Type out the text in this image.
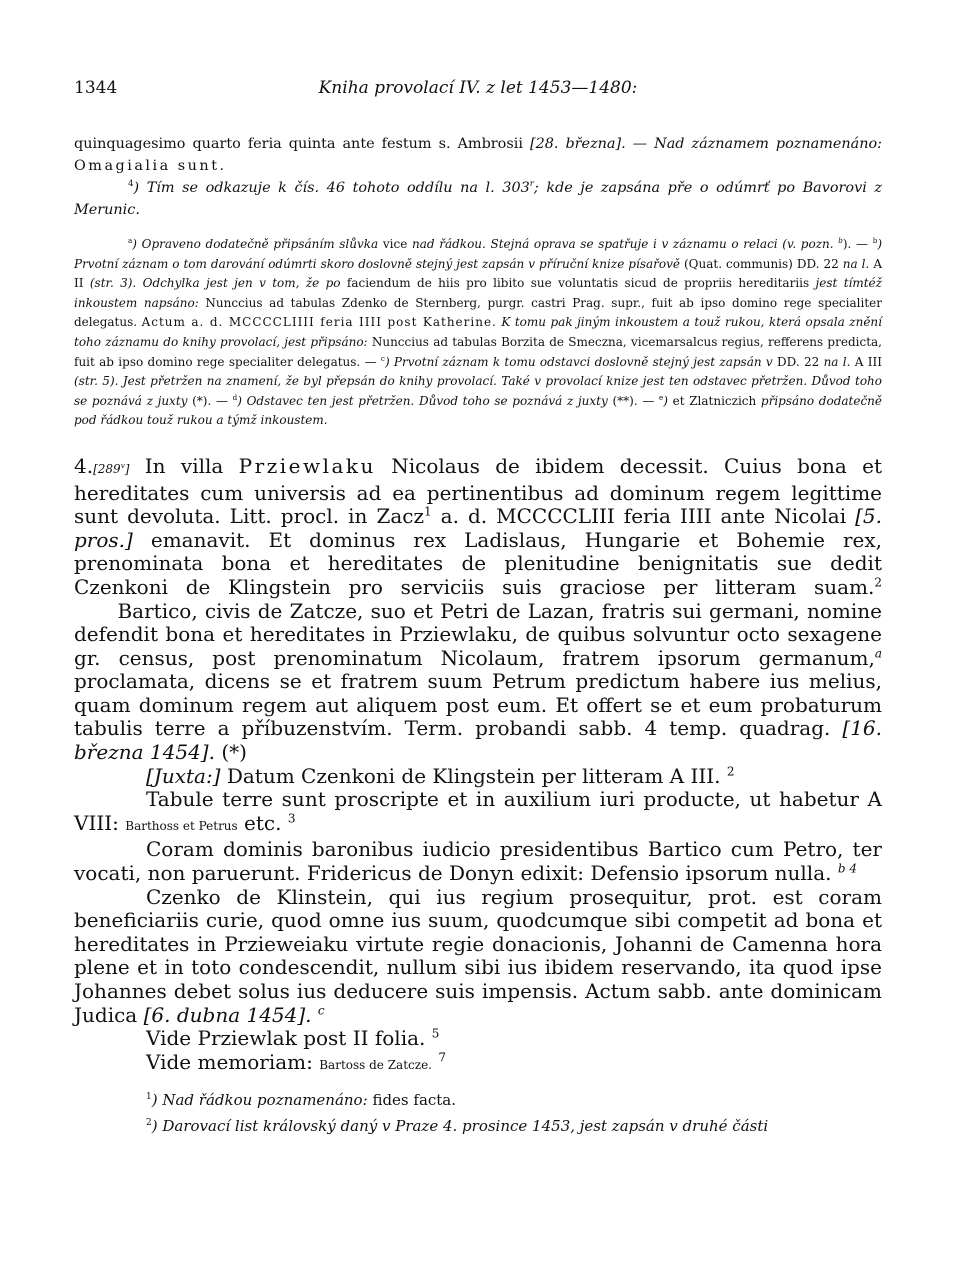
1344	Kniha provolací IV. z let 1453—1480:

quinquagesimo quarto feria quinta ante festum s. Ambrosii [28. března]. — Nad záznamem poznamenáno: Omagialia sunt.

$^4$) Tím se odkazuje k čís. 46 tohoto oddílu na l. 303$^r$; kde je zapsána pře o odúmrť po Bavorovi z Merunic.

$^a$) Opraveno dodatečně připsáním slůvka vice nad řádkou. Stejná oprava se spatřuje i v záznamu o relaci (v. pozn. $^b$). — $^b$) Prvotní záznam o tom darování odúmrti skoro doslovně stejný jest zapsán v příruční knize písařově (Quat. communis) DD. 22 na l. A II (str. 3). Odchylka jest jen v tom, že po faciendum de hiis pro libito sue voluntatis sicud de propriis hereditariis jest tímtéž inkoustem napsáno: Nunccius ad tabulas Zdenko de Sternberg, purgr. castri Prag. supr., fuit ab ipso domino rege specialiter delegatus. Actum a. d. MCCCCLIIII feria IIII post Katherine. K tomu pak jiným inkoustem a touž rukou, která opsala znění toho záznamu do knihy provolací, jest připsáno: Nunccius ad tabulas Borzita de Smeczna, vicemarsalcus regius, refferens predicta, fuit ab ipso domino rege specialiter delegatus. — $^c$) Prvotní záznam k tomu odstavci doslovně stejný jest zapsán v DD. 22 na l. A III (str. 5). Jest přetržen na znamení, že byl přepsán do knihy provolací. Také v provolací knize jest ten odstavec přetržen. Důvod toho se poznává z juxty (*). — $^d$) Odstavec ten jest přetržen. Důvod toho se poznává z juxty (**). — $^e$) et Zlatniczich připsáno dodatečně pod řádkou touž rukou a týmž inkoustem.

4.[289$^v$] In villa Prziewlaku Nicolaus de ibidem decessit. Cuius bona et hereditates cum universis ad ea pertinentibus ad dominum regem legittime sunt devoluta. Litt. procl. in Zacz$^1$ a. d. MCCCCLIII feria IIII ante Nicolai [5. pros.] emanavit. Et dominus rex Ladislaus, Hungarie et Bohemie rex, prenominata bona et hereditates de plenitudine benignitatis sue dedit Czenkoni de Klingstein pro serviciis suis graciose per litteram suam.$^2$       Bartico, civis de Zatcze, suo et Petri de Lazan, fratris sui germani, nomine defendit bona et hereditates in Prziewlaku, de quibus solvuntur octo sexagene gr. census, post prenominatum Nicolaum, fratrem ipsorum germanum,$^a$ proclamata, dicens se et fratrem suum Petrum predictum habere ius melius, quam dominum regem aut aliquem post eum. Et offert se et eum probaturum tabulis terre a příbuzenstvím. Term. probandi sabb. 4 temp. quadrag. [16. března 1454]. (*)

[Juxta:] Datum Czenkoni de Klingstein per litteram A III. $^2$

Tabule terre sunt proscripte et in auxilium iuri producte, ut habetur A VIII: Barthoss et Petrus etc. $^3$

Coram dominis baronibus iudicio presidentibus Bartico cum Petro, ter vocati, non paruerunt. Fridericus de Donyn edixit: Defensio ipsorum nulla. $^{b 4}$

Czenko de Klinstein, qui ius regium prosequitur, prot. est coram beneficiariis curie, quod omne ius suum, quodcumque sibi competit ad bona et hereditates in Przieweiaku virtute regie donacionis, Johanni de Camenna hora plene et in toto condescendit, nullum sibi ius ibidem reservando, ita quod ipse Johannes debet solus ius deducere suis impensis. Actum sabb. ante dominicam Judica [6. dubna 1454]. $^c$

Vide Prziewlak post II folia. $^5$

Vide memoriam: Bartoss de Zatcze. $^7$

$^1$) Nad řádkou poznamenáno: fides facta.

$^2$) Darovací list královský daný v Praze 4. prosince 1453, jest zapsán v druhé části
